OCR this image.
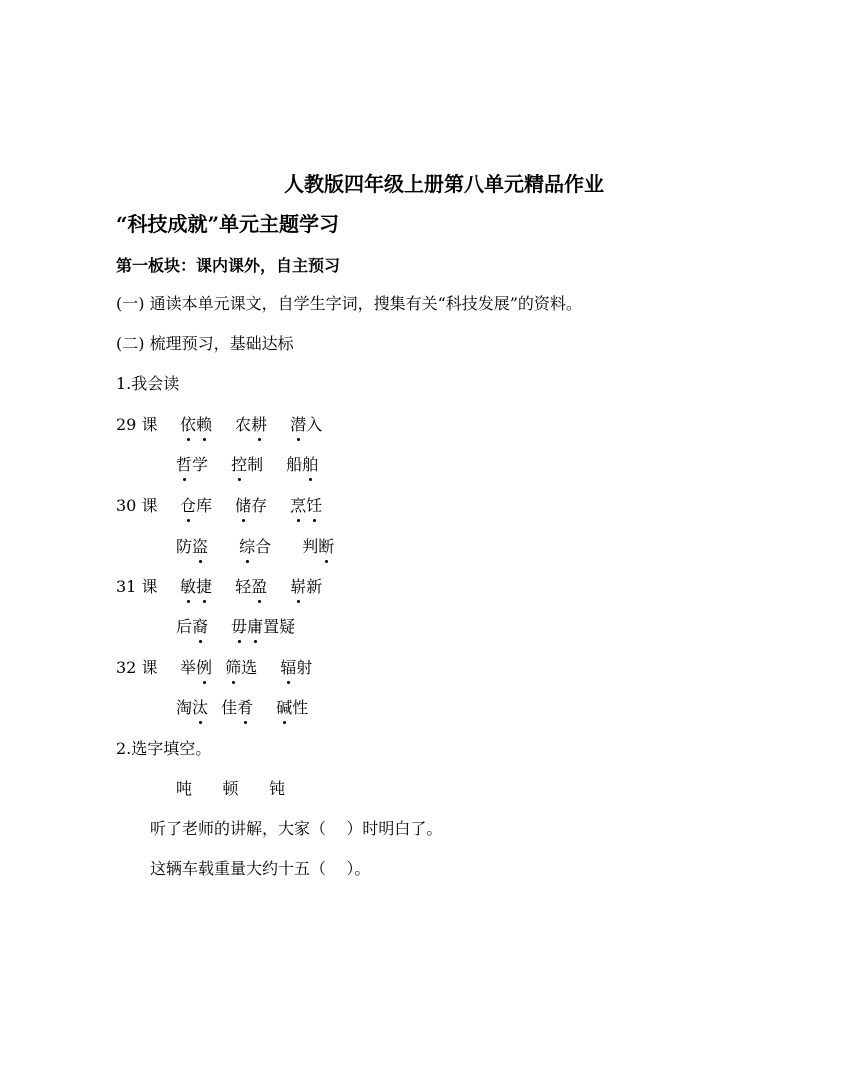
人教版四年级上册第八单元精品作业
“科技成就”单元主题学习
第一板块：课内课外，自主预习
(一) 通读本单元课文，自学生字词，搜集有关“科技发展”的资料。
(二) 梳理预习，基础达标
1.我会读
29 课 依赖 农耕 潜入
哲学 控制 船舶
30 课 仓库 储存 烹饪
防盗 综合 判断
31 课 敏捷 轻盈 崭新
后裔 毋庸置疑
32 课 举例 筛选 辐射
淘汰 佳肴 碱性
2.选字填空。
吨      顿      钝
听了老师的讲解，大家（    ）时明白了。
这辆车载重量大约十五（    ）。
